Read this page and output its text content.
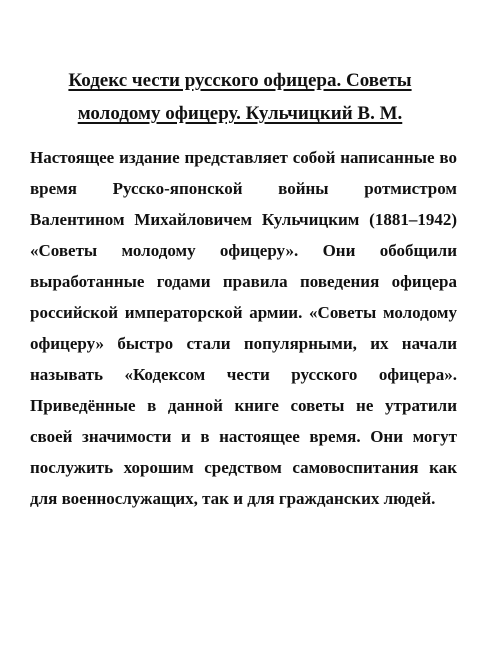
Кодекс чести русского офицера. Советы молодому офицеру. Кульчицкий В. М.

Настоящее издание представляет собой написанные во время Русско-японской войны ротмистром Валентином Михайловичем Кульчицким (1881–1942) «Советы молодому офицеру». Они обобщили выработанные годами правила поведения офицера российской императорской армии. «Советы молодому офицеру» быстро стали популярными, их начали называть «Кодексом чести русского офицера». Приведённые в данной книге советы не утратили своей значимости и в настоящее время. Они могут послужить хорошим средством самовоспитания как для военнослужащих, так и для гражданских людей.
